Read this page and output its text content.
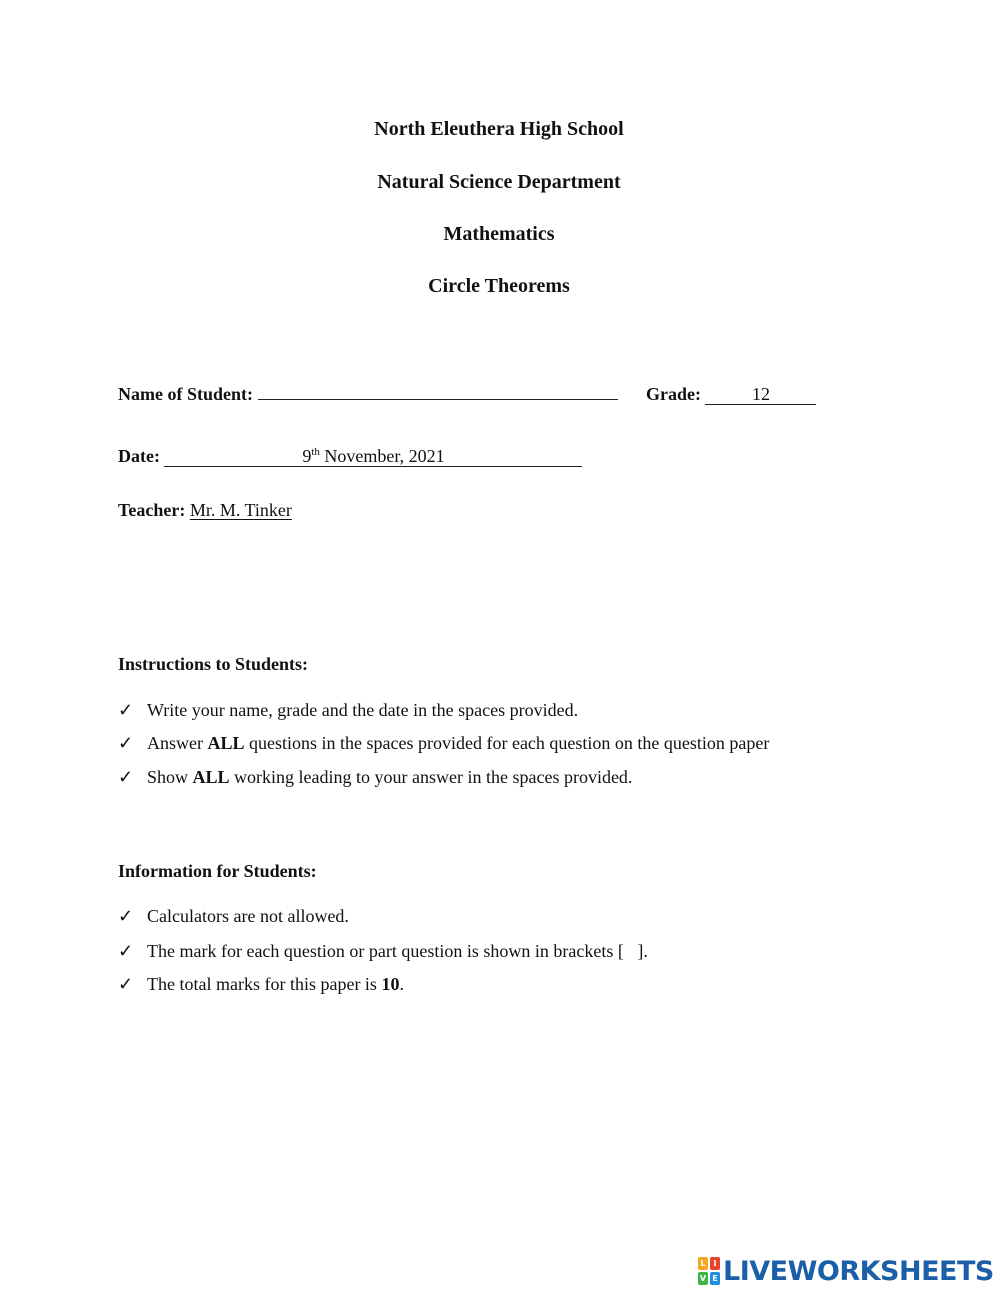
North Eleuthera High School
Natural Science Department
Mathematics
Circle Theorems
Name of Student:	Grade:	12
Date:	9th November, 2021
Teacher: Mr. M. Tinker
Instructions to Students:
✓ Write your name, grade and the date in the spaces provided.
✓ Answer ALL questions in the spaces provided for each question on the question paper
✓ Show ALL working leading to your answer in the spaces provided.
Information for Students:
✓ Calculators are not allowed.
✓ The mark for each question or part question is shown in brackets [   ].
✓ The total marks for this paper is 10.
L I
V E LIVEWORKSHEETS
